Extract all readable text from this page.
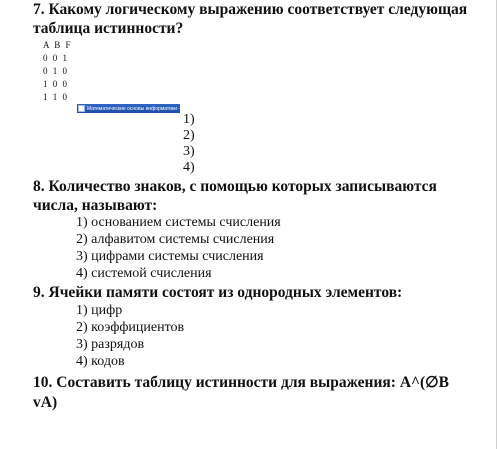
7. Какому логическому выражению соответствует следующая
таблица истинности?
A B F
0 0 1
0 1 0
1 0 0
1 1 0
Математические основы информатики - Microsoft
1)
2)
3)
4)
8. Количество знаков, с помощью которых записываются
числа, называют:
1) основанием системы счисления
2) алфавитом системы счисления
3) цифрами системы счисления
4) системой счисления
9. Ячейки памяти состоят из однородных элементов:
1) цифр
2) коэффициентов
3) разрядов
4) кодов
10. Составить таблицу истинности для выражения: A^(∅B
vA)
